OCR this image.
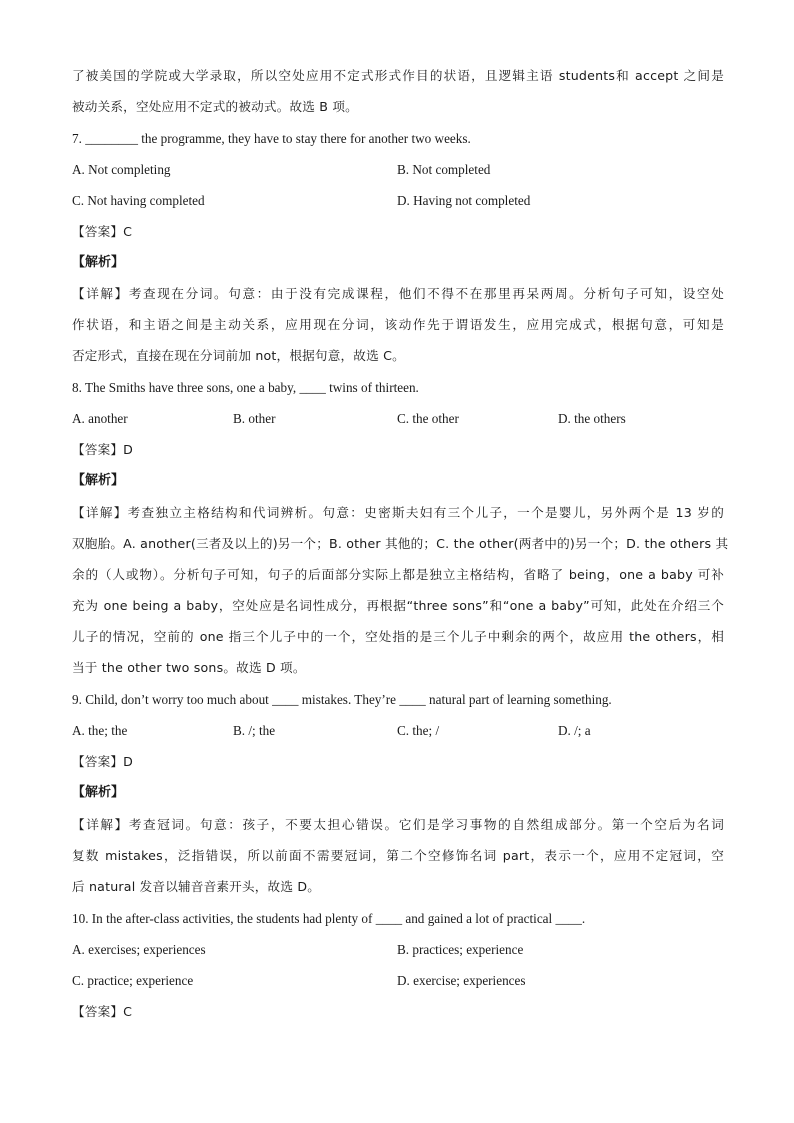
了被美国的学院或大学录取，所以空处应用不定式形式作目的状语，且逻辑主语 students和 accept 之间是
被动关系，空处应用不定式的被动式。故选 B 项。
7. ________ the programme, they have to stay there for another two weeks.
A. Not completing	B. Not completed
C. Not having completed	D. Having not completed
【答案】C
【解析】
【详解】考查现在分词。句意：由于没有完成课程，他们不得不在那里再呆两周。分析句子可知，设空处
作状语，和主语之间是主动关系，应用现在分词，该动作先于谓语发生，应用完成式，根据句意，可知是
否定形式，直接在现在分词前加 not，根据句意，故选 C。
8. The Smiths have three sons, one a baby, ____ twins of thirteen.
A. another	B. other	C. the other	D. the others
【答案】D
【解析】
【详解】考查独立主格结构和代词辨析。句意：史密斯夫妇有三个儿子，一个是婴儿，另外两个是 13 岁的
双胞胎。A. another(三者及以上的)另一个；B. other 其他的；C. the other(两者中的)另一个；D. the others 其
余的（人或物）。分析句子可知，句子的后面部分实际上都是独立主格结构，省略了 being，one a baby 可补
充为 one being a baby，空处应是名词性成分，再根据“three sons”和“one a baby”可知，此处在介绍三个
儿子的情况，空前的 one 指三个儿子中的一个，空处指的是三个儿子中剩余的两个，故应用 the others，相
当于 the other two sons。故选 D 项。
9. Child, don’t worry too much about ____ mistakes. They’re ____ natural part of learning something.
A. the; the	B. /; the	C. the; /	D. /; a
【答案】D
【解析】
【详解】考查冠词。句意：孩子，不要太担心错误。它们是学习事物的自然组成部分。第一个空后为名词
复数 mistakes，泛指错误，所以前面不需要冠词，第二个空修饰名词 part，表示一个，应用不定冠词，空
后 natural 发音以辅音音素开头，故选 D。
10. In the after-class activities, the students had plenty of ____ and gained a lot of practical ____.
A. exercises; experiences	B. practices; experience
C. practice; experience	D. exercise; experiences
【答案】C
